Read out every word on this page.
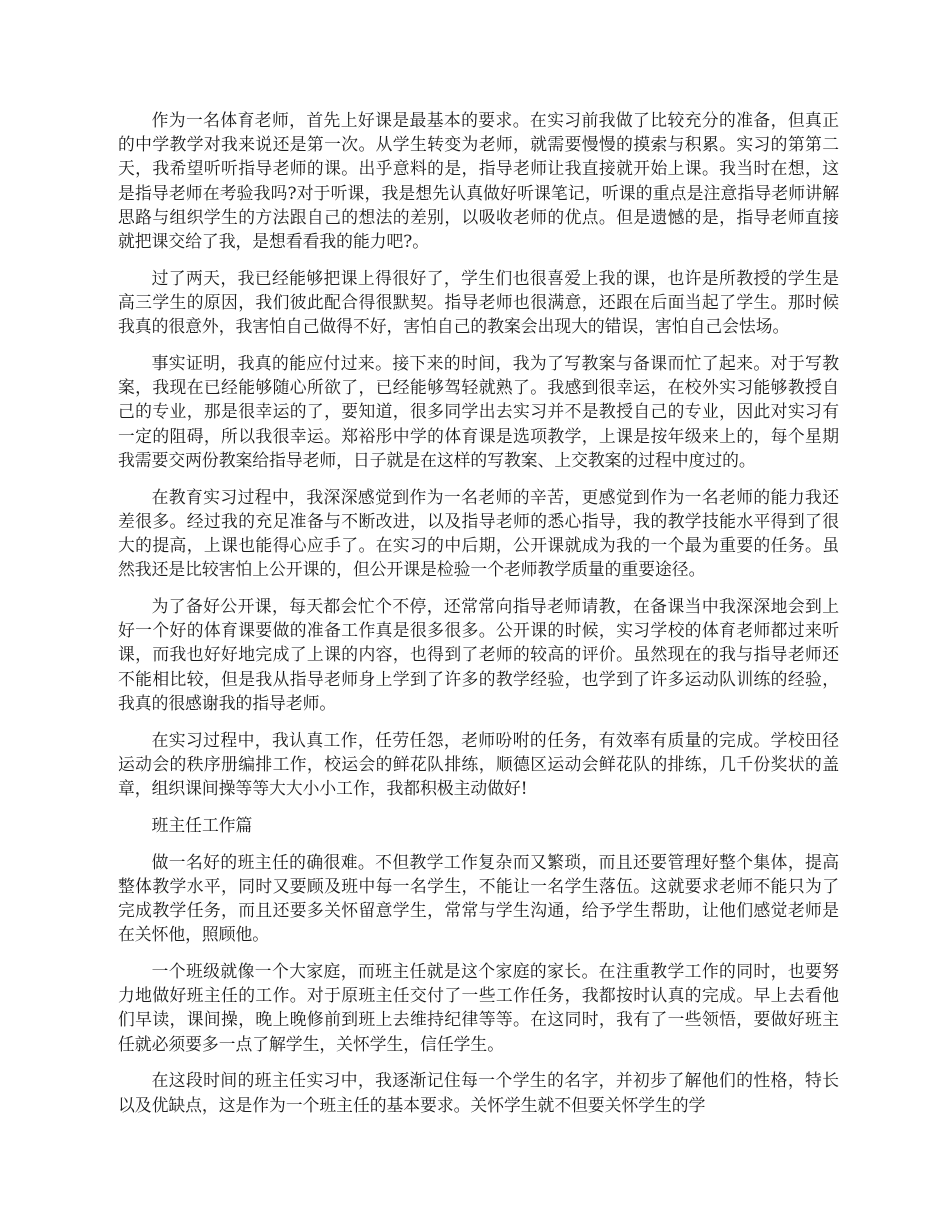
作为一名体育老师，首先上好课是最基本的要求。在实习前我做了比较充分的准备，但真正的中学教学对我来说还是第一次。从学生转变为老师，就需要慢慢的摸索与积累。实习的第第二天，我希望听听指导老师的课。出乎意料的是，指导老师让我直接就开始上课。我当时在想，这是指导老师在考验我吗?对于听课，我是想先认真做好听课笔记，听课的重点是注意指导老师讲解思路与组织学生的方法跟自己的想法的差别，以吸收老师的优点。但是遗憾的是，指导老师直接就把课交给了我，是想看看我的能力吧?。

过了两天，我已经能够把课上得很好了，学生们也很喜爱上我的课，也许是所教授的学生是高三学生的原因，我们彼此配合得很默契。指导老师也很满意，还跟在后面当起了学生。那时候我真的很意外，我害怕自己做得不好，害怕自己的教案会出现大的错误，害怕自己会怯场。

事实证明，我真的能应付过来。接下来的时间，我为了写教案与备课而忙了起来。对于写教案，我现在已经能够随心所欲了，已经能够驾轻就熟了。我感到很幸运，在校外实习能够教授自己的专业，那是很幸运的了，要知道，很多同学出去实习并不是教授自己的专业，因此对实习有一定的阻碍，所以我很幸运。郑裕彤中学的体育课是选项教学，上课是按年级来上的，每个星期我需要交两份教案给指导老师，日子就是在这样的写教案、上交教案的过程中度过的。

在教育实习过程中，我深深感觉到作为一名老师的辛苦，更感觉到作为一名老师的能力我还差很多。经过我的充足准备与不断改进，以及指导老师的悉心指导，我的教学技能水平得到了很大的提高，上课也能得心应手了。在实习的中后期，公开课就成为我的一个最为重要的任务。虽然我还是比较害怕上公开课的，但公开课是检验一个老师教学质量的重要途径。

为了备好公开课，每天都会忙个不停，还常常向指导老师请教，在备课当中我深深地会到上好一个好的体育课要做的准备工作真是很多很多。公开课的时候，实习学校的体育老师都过来听课，而我也好好地完成了上课的内容，也得到了老师的较高的评价。虽然现在的我与指导老师还不能相比较，但是我从指导老师身上学到了许多的教学经验，也学到了许多运动队训练的经验，我真的很感谢我的指导老师。

在实习过程中，我认真工作，任劳任怨，老师吩咐的任务，有效率有质量的完成。学校田径运动会的秩序册编排工作，校运会的鲜花队排练，顺德区运动会鲜花队的排练，几千份奖状的盖章，组织课间操等等大大小小工作，我都积极主动做好!

班主任工作篇

做一名好的班主任的确很难。不但教学工作复杂而又繁琐，而且还要管理好整个集体，提高整体教学水平，同时又要顾及班中每一名学生，不能让一名学生落伍。这就要求老师不能只为了完成教学任务，而且还要多关怀留意学生，常常与学生沟通，给予学生帮助，让他们感觉老师是在关怀他，照顾他。

一个班级就像一个大家庭，而班主任就是这个家庭的家长。在注重教学工作的同时，也要努力地做好班主任的工作。对于原班主任交付了一些工作任务，我都按时认真的完成。早上去看他们早读，课间操，晚上晚修前到班上去维持纪律等等。在这同时，我有了一些领悟，要做好班主任就必须要多一点了解学生，关怀学生，信任学生。

在这段时间的班主任实习中，我逐渐记住每一个学生的名字，并初步了解他们的性格，特长以及优缺点，这是作为一个班主任的基本要求。关怀学生就不但要关怀学生的学
